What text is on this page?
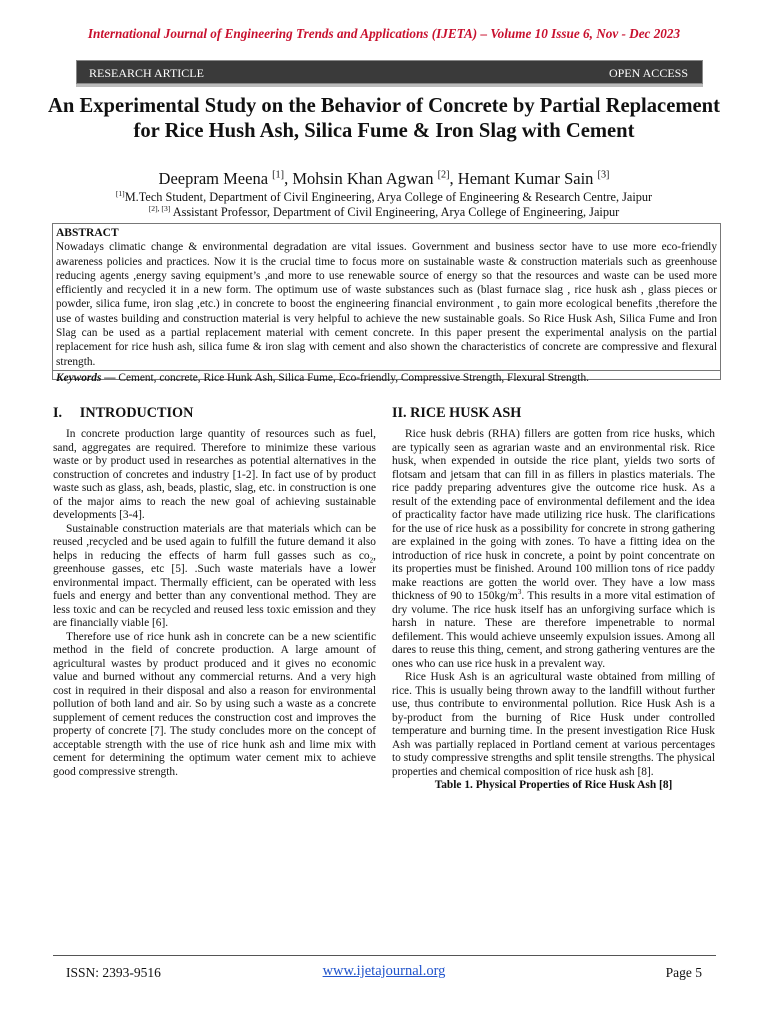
International Journal of Engineering Trends and Applications (IJETA) – Volume 10 Issue 6, Nov - Dec 2023
RESEARCH ARTICLE	OPEN ACCESS
An Experimental Study on the Behavior of Concrete by Partial Replacement for Rice Hush Ash, Silica Fume & Iron Slag with Cement
Deepram Meena [1], Mohsin Khan Agwan [2], Hemant Kumar Sain [3]
[1]M.Tech Student, Department of Civil Engineering, Arya College of Engineering & Research Centre, Jaipur
[2], [3] Assistant Professor, Department of Civil Engineering, Arya College of Engineering, Jaipur
ABSTRACT

Nowadays climatic change & environmental degradation are vital issues. Government and business sector have to use more eco-friendly awareness policies and practices. Now it is the crucial time to focus more on sustainable waste & construction materials such as greenhouse reducing agents ,energy saving equipment’s ,and more to use renewable source of energy so that the resources and waste can be used more efficiently and recycled it in a new form. The optimum use of waste substances such as (blast furnace slag , rice husk ash , glass pieces or powder, silica fume, iron slag ,etc.) in concrete to boost the engineering financial environment , to gain more ecological benefits ,therefore the use of wastes building and construction material is very helpful to achieve the new sustainable goals. So Rice Husk Ash, Silica Fume and Iron Slag can be used as a partial replacement material with cement concrete. In this paper present the experimental analysis on the partial replacement for rice hush ash, silica fume & iron slag with cement and also shown the characteristics of concrete are compressive and flexural strength.

Keywords — Cement, concrete, Rice Hunk Ash, Silica Fume, Eco-friendly, Compressive Strength, Flexural Strength.
I.     INTRODUCTION

In concrete production large quantity of resources such as fuel, sand, aggregates are required. Therefore to minimize these various waste or by product used in researches as potential alternatives in the construction of concretes and industry [1-2]. In fact use of by product waste such as glass, ash, beads, plastic, slag, etc. in construction is one of the major aims to reach the new goal of achieving sustainable developments [3-4].

Sustainable construction materials are that materials which can be reused ,recycled and be used again to fulfill the future demand it also helps in reducing the effects of harm full gasses such as $co_2$, greenhouse gasses, etc [5]. .Such waste materials have a lower environmental impact. Thermally efficient, can be operated with less fuels and energy and better than any conventional method. They are less toxic and can be recycled and reused less toxic emission and they are financially viable [6].

Therefore use of rice hunk ash in concrete can be a new scientific method in the field of concrete production. A large amount of agricultural wastes by product produced and it gives no economic value and burned without any commercial returns. And a very high cost in required in their disposal and also a reason for environmental pollution of both land and air. So by using such a waste as a concrete supplement of cement reduces the construction cost and improves the property of concrete [7]. The study concludes more on the concept of acceptable strength with the use of rice hunk ash and lime mix with cement for determining the optimum water cement mix to achieve good compressive strength.

II. RICE HUSK ASH

Rice husk debris (RHA) fillers are gotten from rice husks, which are typically seen as agrarian waste and an environmental risk. Rice husk, when expended in outside the rice plant, yields two sorts of flotsam and jetsam that can fill in as fillers in plastics materials. The rice paddy preparing adventures give the outcome rice husk. As a result of the extending pace of environmental defilement and the idea of practicality factor have made utilizing rice husk. The clarifications for the use of rice husk as a possibility for concrete in strong gathering are explained in the going with zones. To have a fitting idea on the introduction of rice husk in concrete, a point by point concentrate on its properties must be finished. Around 100 million tons of rice paddy make reactions are gotten the world over. They have a low mass thickness of 90 to $150kg/m^3$. This results in a more vital estimation of dry volume. The rice husk itself has an unforgiving surface which is harsh in nature. These are therefore impenetrable to normal defilement. This would achieve unseemly expulsion issues. Among all dares to reuse this thing, cement, and strong gathering ventures are the ones who can use rice husk in a prevalent way.

Rice Husk Ash is an agricultural waste obtained from milling of rice. This is usually being thrown away to the landfill without further use, thus contribute to environmental pollution. Rice Husk Ash is a by-product from the burning of Rice Husk under controlled temperature and burning time. In the present investigation Rice Husk Ash was partially replaced in Portland cement at various percentages to study compressive strengths and split tensile strengths. The physical properties and chemical composition of rice husk ash [8].

Table 1. Physical Properties of Rice Husk Ash [8]
ISSN: 2393-9516	www.ijetajournal.org	Page 5
